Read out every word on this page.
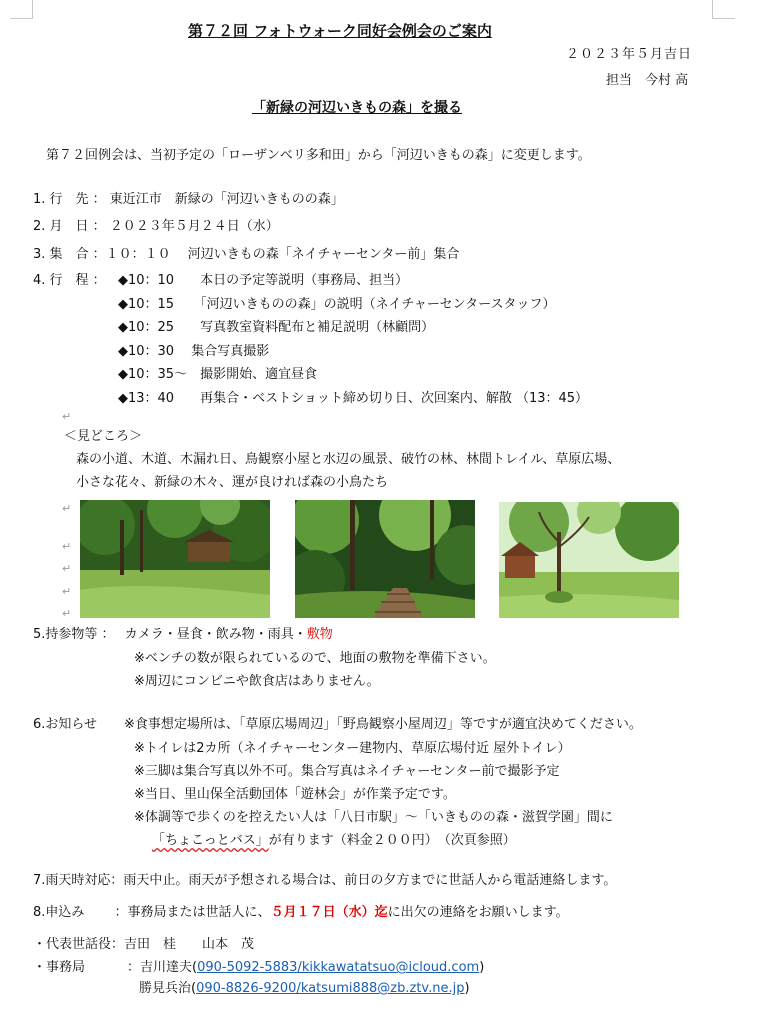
第７２回 フォトウォーク同好会例会のご案内
２０２３年５月吉日
担当　今村 高
「新緑の河辺いきもの森」を撮る
第７２回例会は、当初予定の「ローザンベリ多和田」から「河辺いきもの森」に変更します。
1. 行　先 ： 東近江市　新緑の「河辺いきものの森」
2. 月　日 ： ２０２３年５月２４日（水）
3. 集　合 ：１０：１０　 河辺いきもの森「ネイチャーセンター前」集合
4. 行　程 ： ◆10：10　　本日の予定等説明（事務局、担当）
◆10：15　　「河辺いきものの森」の説明（ネイチャーセンタースタッフ）
◆10：25　　写真教室資料配布と補足説明（林顧問）
◆10：30　 集合写真撮影
◆10：35～　撮影開始、適宜昼食
◆13：40　　再集合・ベストショット締め切り日、次回案内、解散 （13：45）
＜見どころ＞
森の小道、木道、木漏れ日、鳥観察小屋と水辺の風景、破竹の林、林間トレイル、草原広場、
小さな花々、新緑の木々、運が良ければ森の小鳥たち
↵
↵
↵
↵
↵
↵
5.持参物等 ： カメラ・昼食・飲み物・雨具・敷物
※ベンチの数が限られているので、地面の敷物を準備下さい。
※周辺にコンビニや飲食店はありません。
6.お知らせ ※食事想定場所は、「草原広場周辺」「野鳥観察小屋周辺」等ですが適宜決めてください。
※トイレは2カ所（ネイチャーセンター建物内、草原広場付近 屋外トイレ）
※三脚は集合写真以外不可。集合写真はネイチャーセンター前で撮影予定
※当日、里山保全活動団体「遊林会」が作業予定です。
※体調等で歩くのを控えたい人は「八日市駅」～「いきものの森・滋賀学園」間に
「ちょこっとバス」が有ります（料金２００円）　（次頁参照）
7.雨天時対応：雨天中止。雨天が予想される場合は、前日の夕方までに世話人から電話連絡します。
8.申込み ：事務局または世話人に、５月１７日（水）迄に出欠の連絡をお願いします。
・代表世話役：吉田　桂　　山本　茂
・事務局	：吉川達夫(090-5092-5883/kikkawatatsuo@icloud.com)
勝見兵治(090-8826-9200/katsumi888@zb.ztv.ne.jp)
